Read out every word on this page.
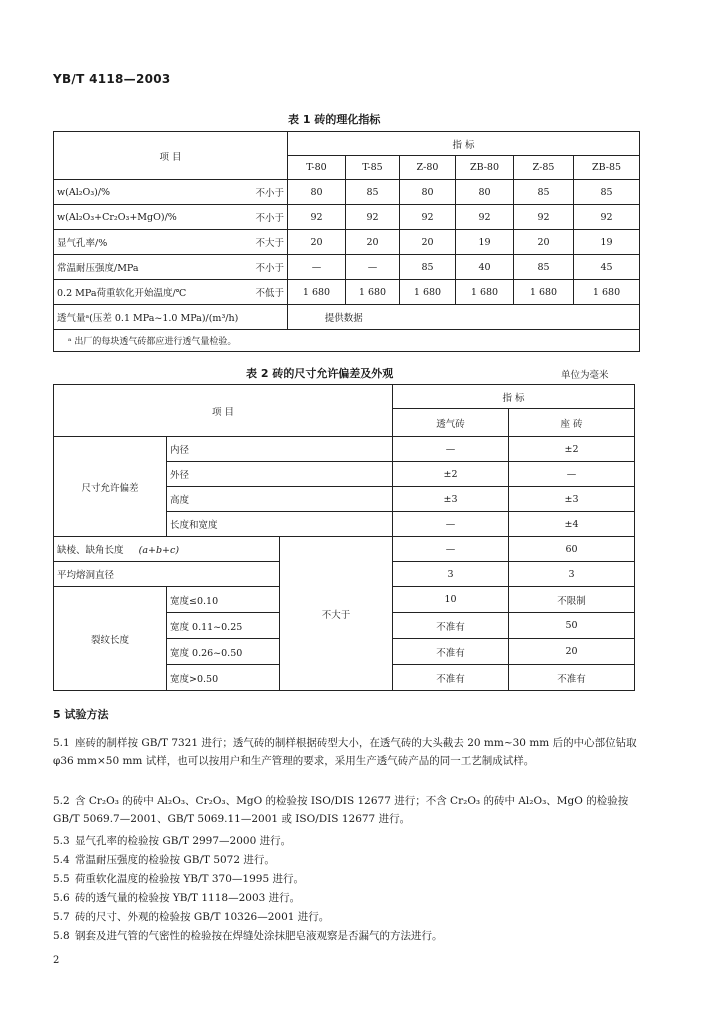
YB/T 4118—2003
表 1 砖的理化指标
项 目		指 标					
		T-80	T-85	Z-80	ZB-80	Z-85	ZB-85
w(Al₂O₃)/%	不小于	80	85	80	80	85	85
w(Al₂O₃+Cr₂O₃+MgO)/%	不小于	92	92	92	92	92	92
显气孔率/%	不大于	20	20	20	19	20	19
常温耐压强度/MPa	不小于	—	—	85	40	85	45
0.2 MPa荷重软化开始温度/℃	不低于	1 680	1 680	1 680	1 680	1 680	1 680
透气量ᵃ(压差 0.1 MPa~1.0 MPa)/(m³/h)		提供数据					
ᵃ 出厂的每块透气砖都应进行透气量检验。							
表 2 砖的尺寸允许偏差及外观	单位为毫米
项 目			指 标	
			透气砖	座 砖
尺寸允许偏差	内径		—	±2
	外径		±2	—
	高度		±3	±3
	长度和宽度		—	±4
缺棱、缺角长度 (a+b+c)		不大于	—	60
平均熔洞直径			3	3
裂纹长度	宽度≤0.10		10	不限制
	宽度 0.11~0.25		不准有	50
	宽度 0.26~0.50		不准有	20
	宽度>0.50		不准有	不准有
5 试验方法
5.1 座砖的制样按 GB/T 7321 进行；透气砖的制样根据砖型大小，在透气砖的大头截去 20 mm~30 mm 后的中心部位钻取 φ36 mm×50 mm 试样，也可以按用户和生产管理的要求，采用生产透气砖产品的同一工艺制成试样。
5.2 含 Cr₂O₃ 的砖中 Al₂O₃、Cr₂O₃、MgO 的检验按 ISO/DIS 12677 进行；不含 Cr₂O₃ 的砖中 Al₂O₃、MgO 的检验按 GB/T 5069.7—2001、GB/T 5069.11—2001 或 ISO/DIS 12677 进行。
5.3 显气孔率的检验按 GB/T 2997—2000 进行。
5.4 常温耐压强度的检验按 GB/T 5072 进行。
5.5 荷重软化温度的检验按 YB/T 370—1995 进行。
5.6 砖的透气量的检验按 YB/T 1118—2003 进行。
5.7 砖的尺寸、外观的检验按 GB/T 10326—2001 进行。
5.8 钢套及进气管的气密性的检验按在焊缝处涂抹肥皂液观察是否漏气的方法进行。
2
